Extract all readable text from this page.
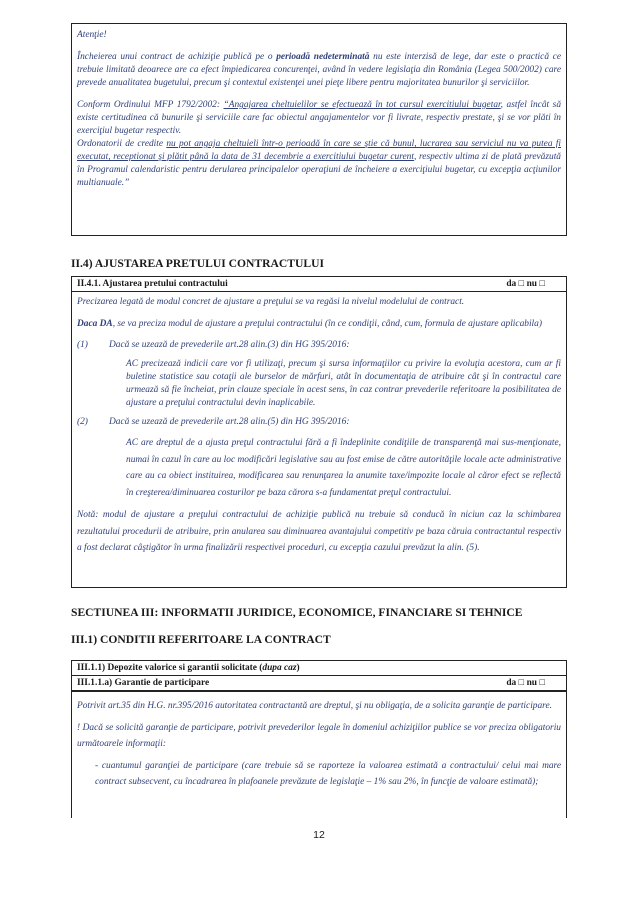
Atenţie!

Încheierea unui contract de achiziţie publică pe o perioadă nedeterminată nu este interzisă de lege, dar este o practică ce trebuie limitată deoarece are ca efect împiedicarea concurenţei, având în vedere legislaţia din România (Legea 500/2002) care prevede anualitatea bugetului, precum şi contextul existenţei unei pieţe libere pentru majoritatea bunurilor şi serviciilor.

Conform Ordinului MFP 1792/2002: “Angajarea cheltuielilor se efectuează în tot cursul exercitiului bugetar, astfel încât să existe certitudinea că bunurile şi serviciile care fac obiectul angajamentelor vor fi livrate, respectiv prestate, şi se vor plăti în exerciţiul bugetar respectiv.

Ordonatorii de credite nu pot angaja cheltuieli într-o perioadă în care se ştie că bunul, lucrarea sau serviciul nu va putea fi executat, receptionat şi plătit până la data de 31 decembrie a exercitiului bugetar curent, respectiv ultima zi de plată prevăzută în Programul calendaristic pentru derularea principalelor operaţiuni de încheiere a exerciţiului bugetar, cu excepţia acţiunilor multianuale.”

II.4) AJUSTAREA PRETULUI CONTRACTULUI
II.4.1. Ajustarea pretului contractului	da □ nu □

Precizarea legată de modul concret de ajustare a preţului se va regăsi la nivelul modelului de contract.

Daca DA, se va preciza modul de ajustare a preţului contractului (în ce condiţii, când, cum, formula de ajustare aplicabila)

(1)	Dacă se uzează de prevederile art.28 alin.(3) din HG 395/2016:

AC precizează indicii care vor fi utilizaţi, precum şi sursa informaţiilor cu privire la evoluţia acestora, cum ar fi buletine statistice sau cotaţii ale burselor de mărfuri, atât în documentaţia de atribuire cât şi în contractul care urmează să fie încheiat, prin clauze speciale în acest sens, în caz contrar prevederile referitoare la posibilitatea de ajustare a preţului contractului devin inaplicabile.

(2)	Dacă se uzează de prevederile art.28 alin.(5) din HG 395/2016:

AC are dreptul de a ajusta preţul contractului fără a fi îndeplinite condiţiile de transparenţă mai sus-menţionate, numai în cazul în care au loc modificări legislative sau au fost emise de către autorităţile locale acte administrative care au ca obiect instituirea, modificarea sau renunţarea la anumite taxe/impozite locale al căror efect se reflectă în creşterea/diminuarea costurilor pe baza cărora s-a fundamentat preţul contractului.

Notă: modul de ajustare a preţului contractului de achiziţie publică nu trebuie să conducă în niciun caz la schimbarea rezultatului procedurii de atribuire, prin anularea sau diminuarea avantajului competitiv pe baza căruia contractantul respectiv a fost declarat câştigător în urma finalizării respectivei proceduri, cu excepţia cazului prevăzut la alin. (5).

SECTIUNEA III: INFORMATII JURIDICE, ECONOMICE, FINANCIARE SI TEHNICE
III.1) CONDITII REFERITOARE LA CONTRACT
III.1.1) Depozite valorice si garantii solicitate ( dupa caz )
III.1.1.a) Garantie de participare	da □ nu □

Potrivit art.35 din H.G. nr.395/2016 autoritatea contractantă are dreptul, şi nu obligaţia, de a solicita garanţie de participare.

! Dacă se solicită garanţie de participare, potrivit prevederilor legale în domeniul achiziţiilor publice se vor preciza obligatoriu următoarele informaţii:

- cuantumul garanţiei de participare (care trebuie să se raporteze la valoarea estimată a contractului/ celui mai mare contract subsecvent, cu încadrarea în plafoanele prevăzute de legislaţie – 1% sau 2%, în funcţie de valoare estimată);

12
